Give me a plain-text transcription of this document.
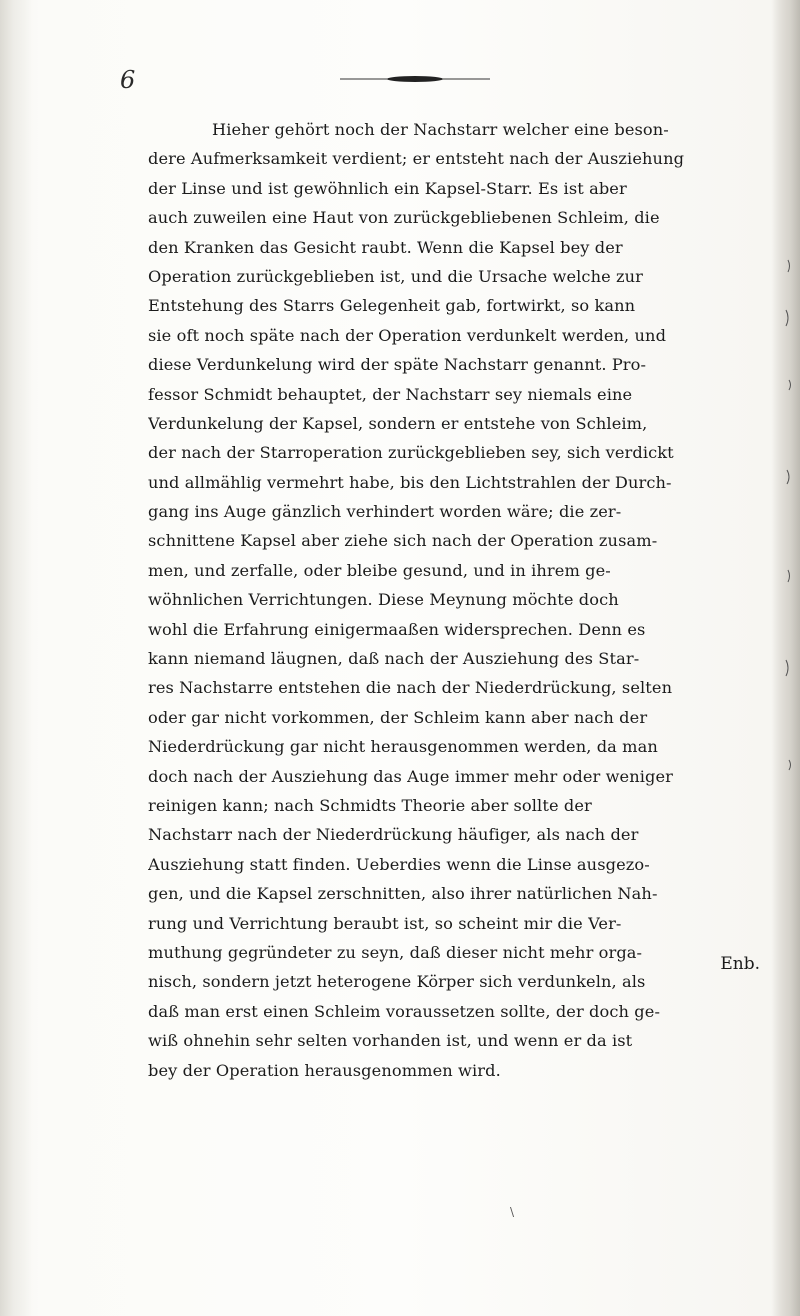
6
Hieher gehört noch der Nachstarr welcher eine beson-
dere Aufmerksamkeit verdient; er entsteht nach der Ausziehung
der Linse und ist gewöhnlich ein Kapsel-Starr. Es ist aber
auch zuweilen eine Haut von zurückgebliebenen Schleim, die
den Kranken das Gesicht raubt. Wenn die Kapsel bey der
Operation zurückgeblieben ist, und die Ursache welche zur
Entstehung des Starrs Gelegenheit gab, fortwirkt, so kann
sie oft noch späte nach der Operation verdunkelt werden, und
diese Verdunkelung wird der späte Nachstarr genannt. Pro-
fessor Schmidt behauptet, der Nachstarr sey niemals eine
Verdunkelung der Kapsel, sondern er entstehe von Schleim,
der nach der Starroperation zurückgeblieben sey, sich verdickt
und allmählig vermehrt habe, bis den Lichtstrahlen der Durch-
gang ins Auge gänzlich verhindert worden wäre; die zer-
schnittene Kapsel aber ziehe sich nach der Operation zusam-
men, und zerfalle, oder bleibe gesund, und in ihrem ge-
wöhnlichen Verrichtungen. Diese Meynung möchte doch
wohl die Erfahrung einigermaaßen widersprechen. Denn es
kann niemand läugnen, daß nach der Ausziehung des Star-
res Nachstarre entstehen die nach der Niederdrückung, selten
oder gar nicht vorkommen, der Schleim kann aber nach der
Niederdrückung gar nicht herausgenommen werden, da man
doch nach der Ausziehung das Auge immer mehr oder weniger
reinigen kann; nach Schmidts Theorie aber sollte der
Nachstarr nach der Niederdrückung häufiger, als nach der
Ausziehung statt finden. Ueberdies wenn die Linse ausgezo-
gen, und die Kapsel zerschnitten, also ihrer natürlichen Nah-
rung und Verrichtung beraubt ist, so scheint mir die Ver-
muthung gegründeter zu seyn, daß dieser nicht mehr orga-
nisch, sondern jetzt heterogene Körper sich verdunkeln, als
daß man erst einen Schleim voraussetzen sollte, der doch ge-
wiß ohnehin sehr selten vorhanden ist, und wenn er da ist
bey der Operation herausgenommen wird.
Enb.
\
